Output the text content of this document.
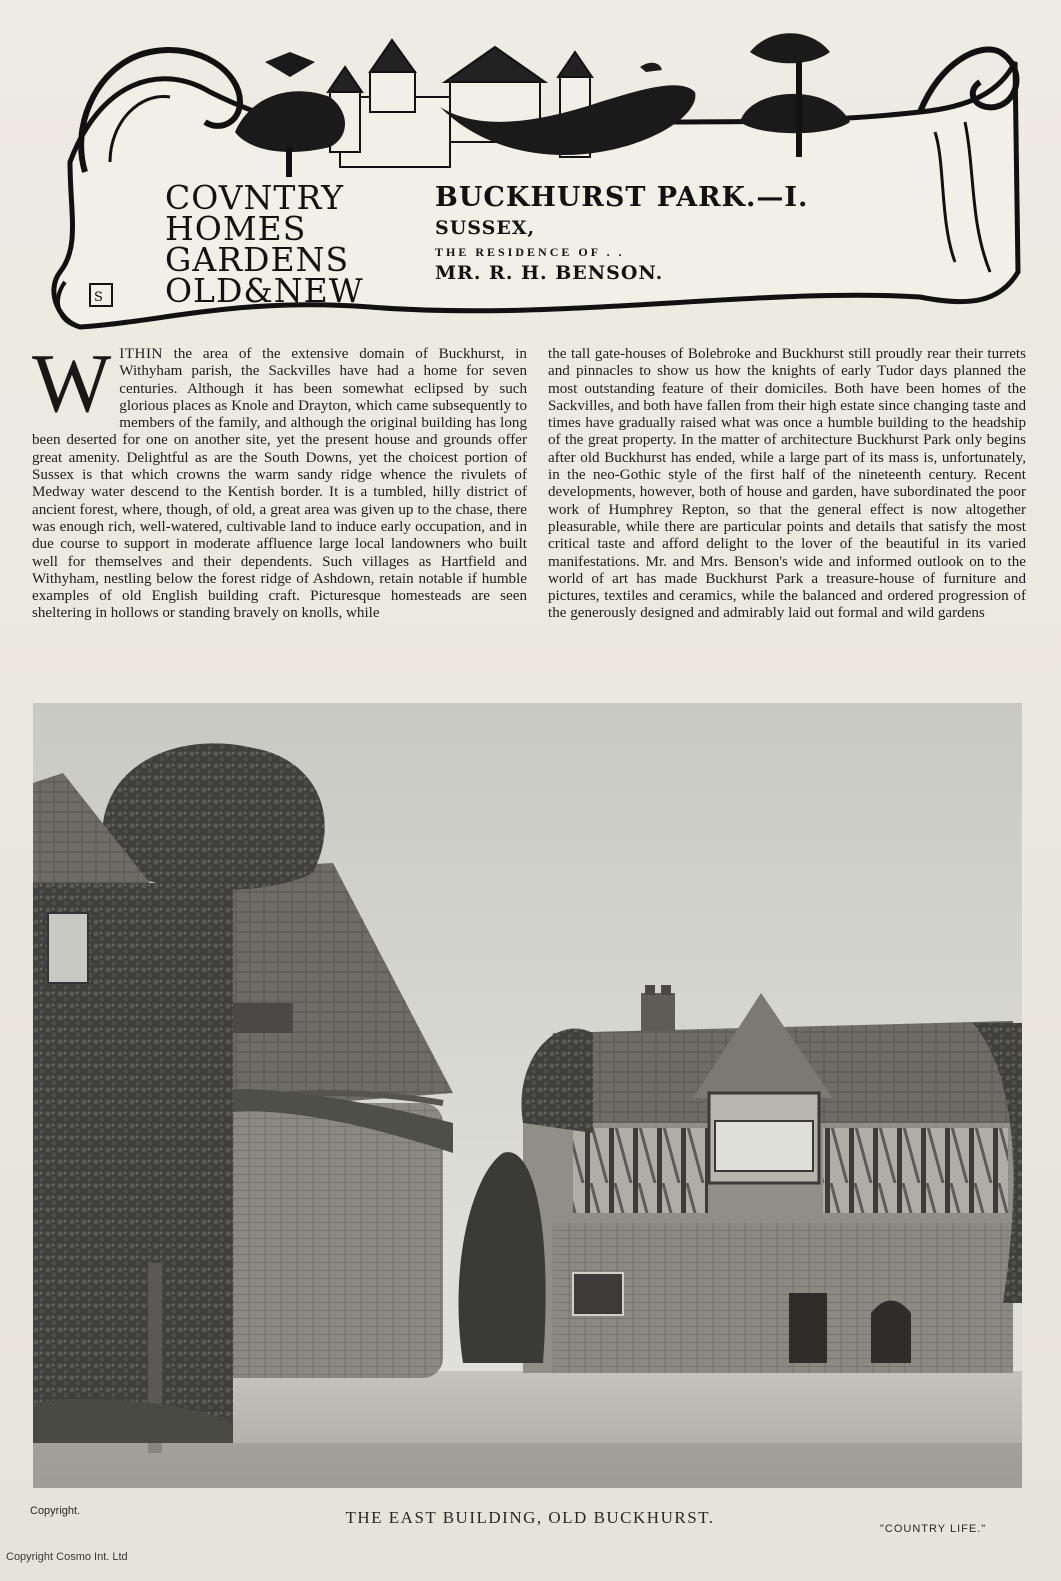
S
COVNTRY
HOMES
GARDENS
OLD&NEW
BUCKHURST PARK.—I.
SUSSEX,
THE RESIDENCE OF . .
MR. R. H. BENSON.
WITHIN the area of the extensive domain of Buckhurst, in Withyham parish, the Sackvilles have had a home for seven centuries. Although it has been somewhat eclipsed by such glorious places as Knole and Drayton, which came subsequently to members of the family, and although the original building has long been deserted for one on another site, yet the present house and grounds offer great amenity. Delightful as are the South Downs, yet the choicest portion of Sussex is that which crowns the warm sandy ridge whence the rivulets of Medway water descend to the Kentish border. It is a tumbled, hilly district of ancient forest, where, though, of old, a great area was given up to the chase, there was enough rich, well-watered, cultivable land to induce early occupation, and in due course to support in moderate affluence large local landowners who built well for themselves and their dependents. Such villages as Hartfield and Withyham, nestling below the forest ridge of Ashdown, retain notable if humble examples of old English building craft. Picturesque homesteads are seen sheltering in hollows or standing bravely on knolls, while
the tall gate-houses of Bolebroke and Buckhurst still proudly rear their turrets and pinnacles to show us how the knights of early Tudor days planned the most outstanding feature of their domiciles. Both have been homes of the Sackvilles, and both have fallen from their high estate since changing taste and times have gradually raised what was once a humble building to the headship of the great property. In the matter of architecture Buckhurst Park only begins after old Buckhurst has ended, while a large part of its mass is, unfortunately, in the neo-Gothic style of the first half of the nineteenth century. Recent developments, however, both of house and garden, have subordinated the poor work of Humphrey Repton, so that the general effect is now altogether pleasurable, while there are particular points and details that satisfy the most critical taste and afford delight to the lover of the beautiful in its varied manifestations. Mr. and Mrs. Benson's wide and informed outlook on to the world of art has made Buckhurst Park a treasure-house of furniture and pictures, textiles and ceramics, while the balanced and ordered progression of the generously designed and admirably laid out formal and wild gardens
Copyright.	THE EAST BUILDING, OLD BUCKHURST.
"COUNTRY LIFE."
Copyright Cosmo Int. Ltd
